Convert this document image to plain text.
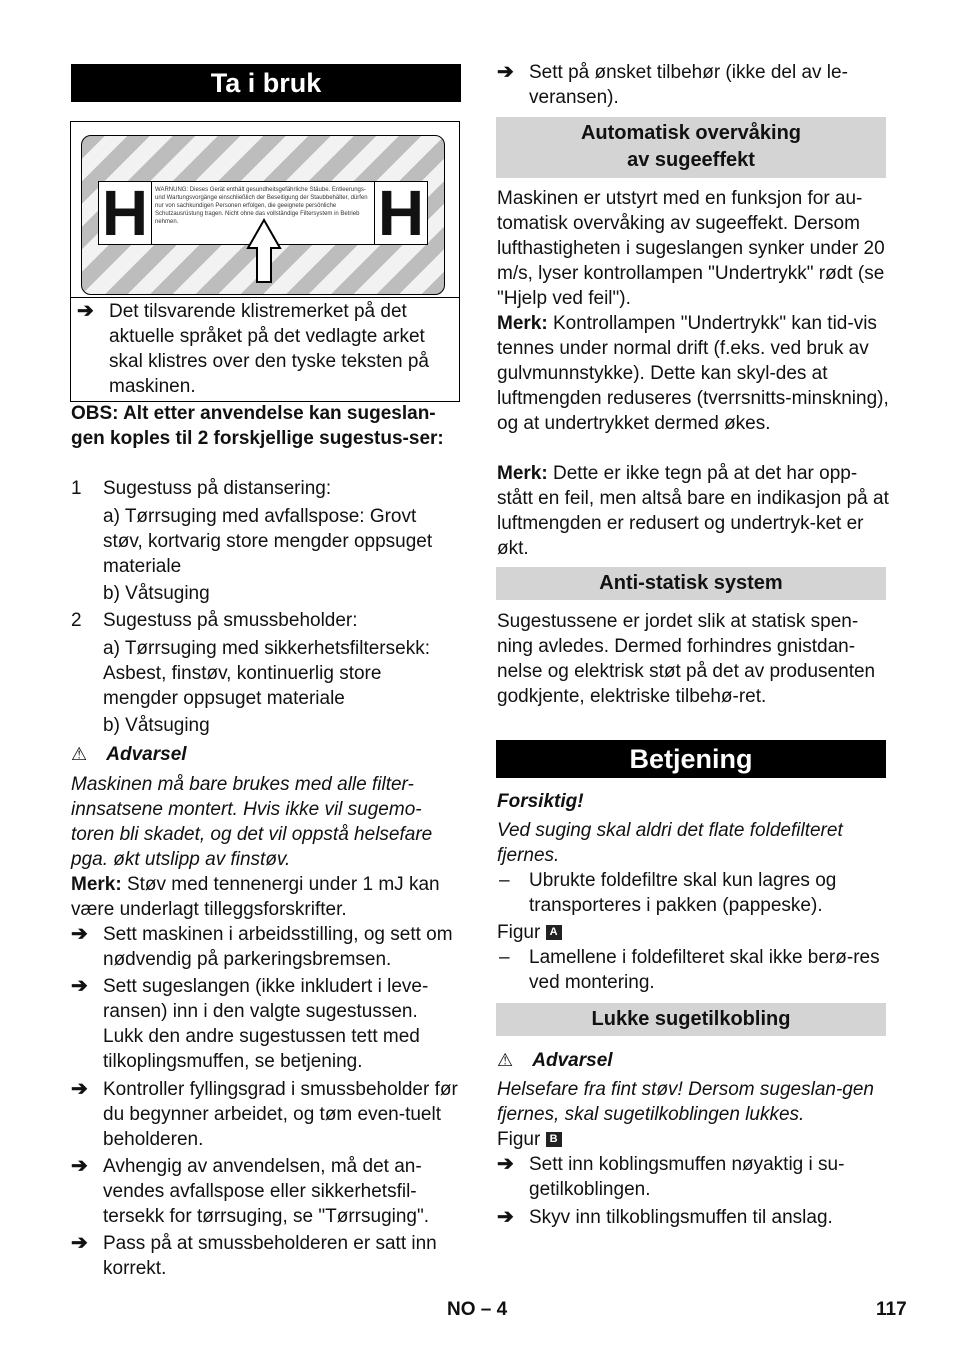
Ta i bruk
H	WARNUNG: Dieses Gerät enthält gesundheitsgefährliche Stäube. Entleerungs- und Wartungsvorgänge einschließlich der Beseitigung der Staubbehälter, dürfen nur von sachkundigen Personen erfolgen, die geeignete persönliche Schutzausrüstung tragen. Nicht ohne das vollständige Filtersystem in Betrieb nehmen.	H
➔ Det tilsvarende klistremerket på det aktuelle språket på det vedlagte arket skal klistres over den tyske teksten på maskinen.
OBS: Alt etter anvendelse kan sugeslan-gen koples til 2 forskjellige sugestus-ser:
1 Sugestuss på distansering:
a) Tørrsuging med avfallspose: Grovt støv, kortvarig store mengder oppsuget materiale
b) Våtsuging
2 Sugestuss på smussbeholder:
a) Tørrsuging med sikkerhetsfiltersekk: Asbest, finstøv, kontinuerlig store mengder oppsuget materiale
b) Våtsuging
⚠ Advarsel
Maskinen må bare brukes med alle filter-innsatsene montert. Hvis ikke vil sugemo-toren bli skadet, og det vil oppstå helsefare pga. økt utslipp av finstøv.
Merk: Støv med tennenergi under 1 mJ kan være underlagt tilleggsforskrifter.
➔ Sett maskinen i arbeidsstilling, og sett om nødvendig på parkeringsbremsen.
➔ Sett sugeslangen (ikke inkludert i leve-ransen) inn i den valgte sugestussen. Lukk den andre sugestussen tett med tilkoplingsmuffen, se betjening.
➔ Kontroller fyllingsgrad i smussbeholder før du begynner arbeidet, og tøm even-tuelt beholderen.
➔ Avhengig av anvendelsen, må det an-vendes avfallspose eller sikkerhetsfil-tersekk for tørrsuging, se "Tørrsuging".
➔ Pass på at smussbeholderen er satt inn korrekt.
➔ Sett på ønsket tilbehør (ikke del av le-veransen).
Automatisk overvåking
av sugeeffekt
Maskinen er utstyrt med en funksjon for au-tomatisk overvåking av sugeeffekt. Dersom lufthastigheten i sugeslangen synker under 20 m/s, lyser kontrollampen "Undertrykk" rødt (se "Hjelp ved feil").
Merk: Kontrollampen "Undertrykk" kan tid-vis tennes under normal drift (f.eks. ved bruk av gulvmunnstykke). Dette kan skyl-des at luftmengden reduseres (tverrsnitts-minskning), og at undertrykket dermed økes.
Merk: Dette er ikke tegn på at det har opp-stått en feil, men altså bare en indikasjon på at luftmengden er redusert og undertryk-ket er økt.
Anti-statisk system
Sugestussene er jordet slik at statisk spen-ning avledes. Dermed forhindres gnistdan-nelse og elektrisk støt på det av produsenten godkjente, elektriske tilbehø-ret.
Betjening
Forsiktig!
Ved suging skal aldri det flate foldefilteret fjernes.
– Ubrukte foldefiltre skal kun lagres og transporteres i pakken (pappeske).
Figur A
– Lamellene i foldefilteret skal ikke berø-res ved montering.
Lukke sugetilkobling
⚠ Advarsel
Helsefare fra fint støv! Dersom sugeslan-gen fjernes, skal sugetilkoblingen lukkes.
Figur B
➔ Sett inn koblingsmuffen nøyaktig i su-getilkoblingen.
➔ Skyv inn tilkoblingsmuffen til anslag.
NO – 4	117
